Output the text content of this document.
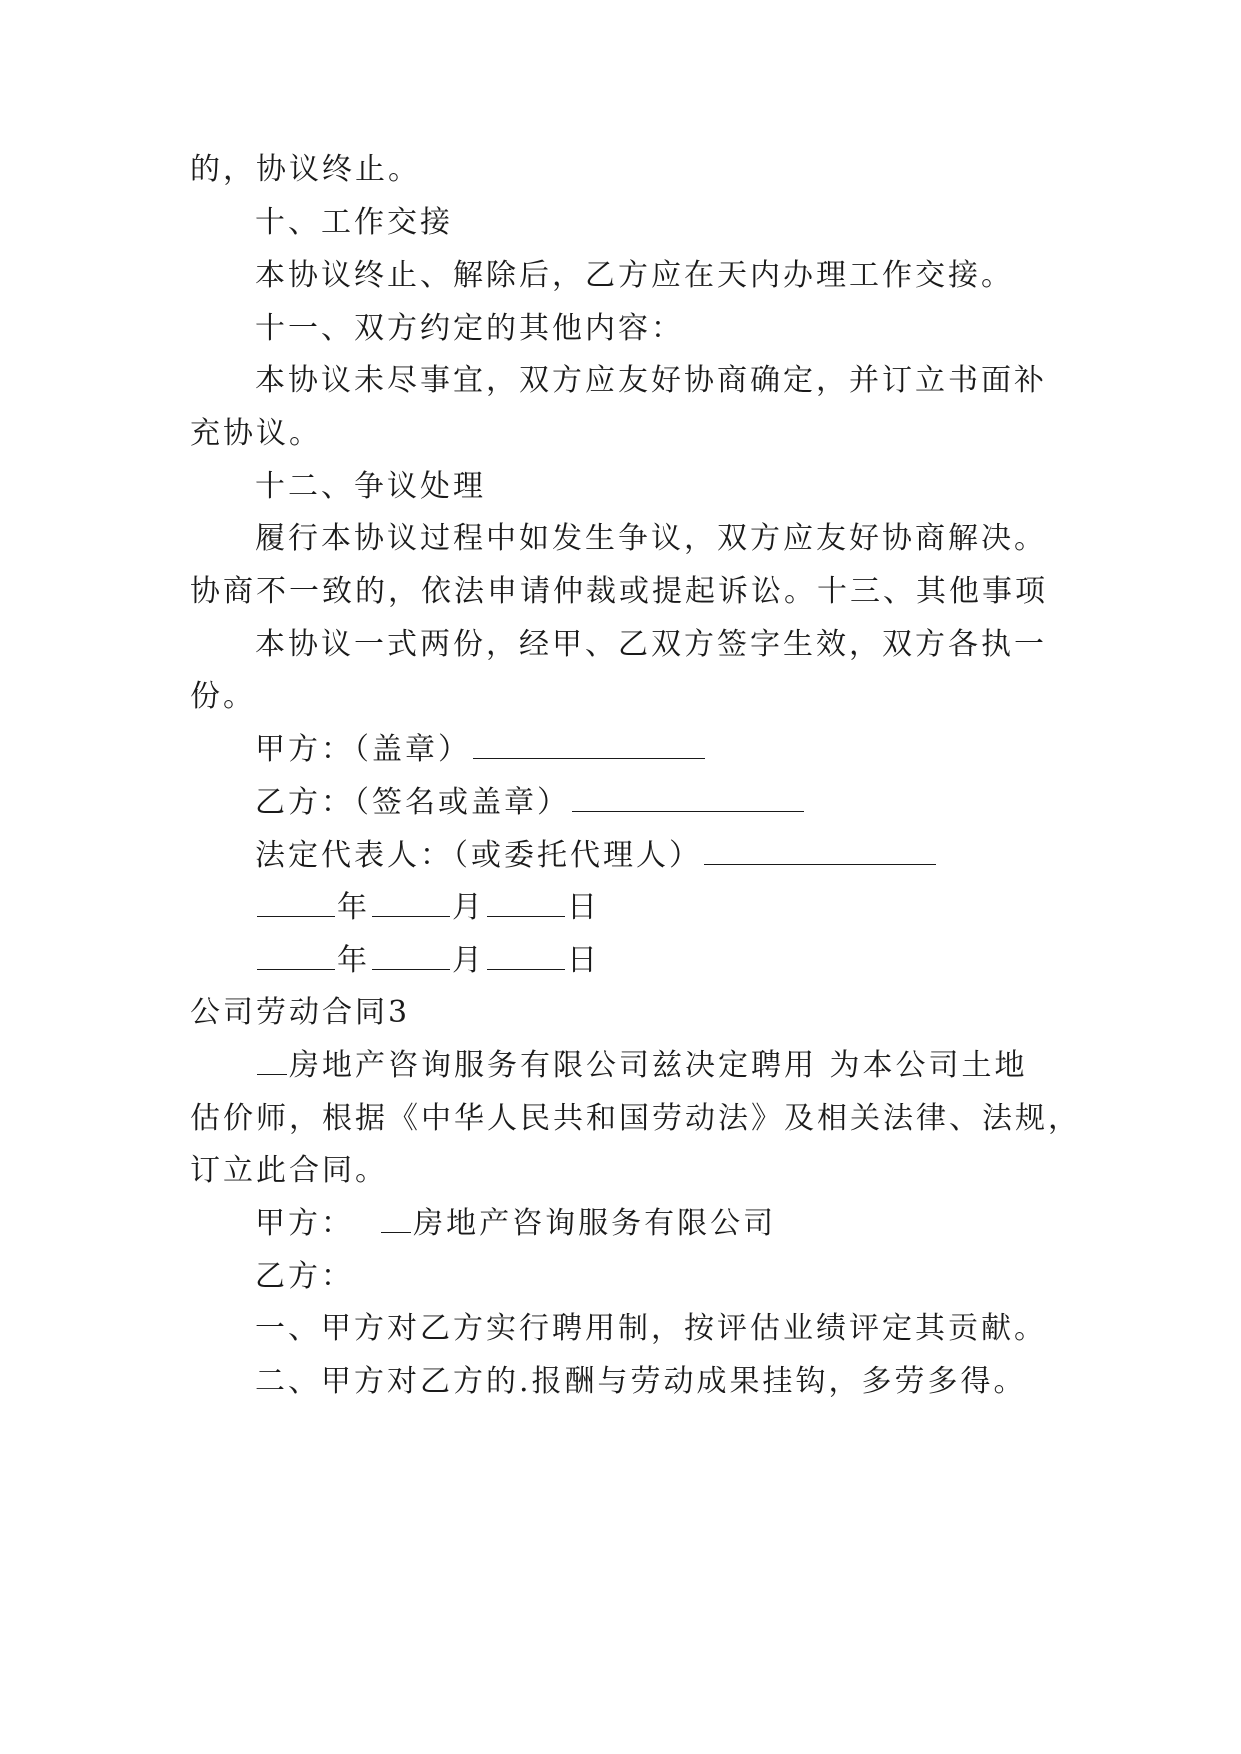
的，协议终止。
十、工作交接
本协议终止、解除后，乙方应在天内办理工作交接。
十一、双方约定的其他内容：
本协议未尽事宜，双方应友好协商确定，并订立书面补
充协议。
十二、争议处理
履行本协议过程中如发生争议，双方应友好协商解决。
协商不一致的，依法申请仲裁或提起诉讼。十三、其他事项
本协议一式两份，经甲、乙双方签字生效，双方各执一
份。
甲方：（盖章）
乙方：（签名或盖章）
法定代表人：（或委托代理人）
年	月	日
年	月	日
公司劳动合同3
房地产咨询服务有限公司兹决定聘用 为本公司土地
估价师，根据《中华人民共和国劳动法》及相关法律、法规，
订立此合同。
甲方： 房地产咨询服务有限公司
乙方：
一、甲方对乙方实行聘用制，按评估业绩评定其贡献。
二、甲方对乙方的.报酬与劳动成果挂钩，多劳多得。
